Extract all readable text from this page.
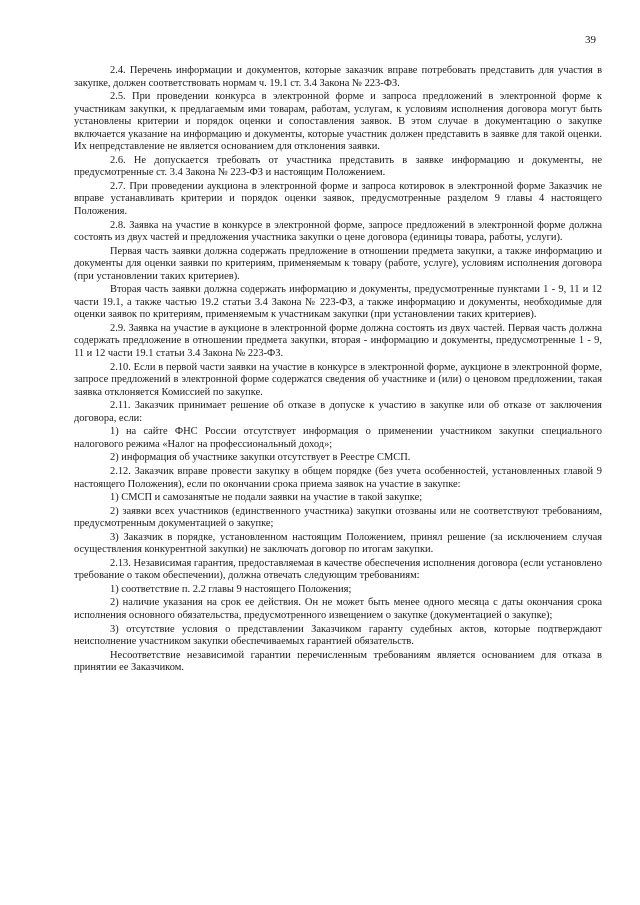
39

2.4. Перечень информации и документов, которые заказчик вправе потребовать представить для участия в закупке, должен соответствовать нормам ч. 19.1 ст. 3.4 Закона № 223-ФЗ.

2.5. При проведении конкурса в электронной форме и запроса предложений в электронной форме к участникам закупки, к предлагаемым ими товарам, работам, услугам, к условиям исполнения договора могут быть установлены критерии и порядок оценки и сопоставления заявок. В этом случае в документацию о закупке включается указание на информацию и документы, которые участник должен представить в заявке для такой оценки. Их непредставление не является основанием для отклонения заявки.

2.6. Не допускается требовать от участника представить в заявке информацию и документы, не предусмотренные ст. 3.4 Закона № 223-ФЗ и настоящим Положением.

2.7. При проведении аукциона в электронной форме и запроса котировок в электронной форме Заказчик не вправе устанавливать критерии и порядок оценки заявок, предусмотренные разделом 9 главы 4 настоящего Положения.

2.8. Заявка на участие в конкурсе в электронной форме, запросе предложений в электронной форме должна состоять из двух частей и предложения участника закупки о цене договора (единицы товара, работы, услуги).

Первая часть заявки должна содержать предложение в отношении предмета закупки, а также информацию и документы для оценки заявки по критериям, применяемым к товару (работе, услуге), условиям исполнения договора (при установлении таких критериев).

Вторая часть заявки должна содержать информацию и документы, предусмотренные пунктами 1 - 9, 11 и 12 части 19.1, а также частью 19.2 статьи 3.4 Закона № 223-ФЗ, а также информацию и документы, необходимые для оценки заявок по критериям, применяемым к участникам закупки (при установлении таких критериев).

2.9. Заявка на участие в аукционе в электронной форме должна состоять из двух частей. Первая часть должна содержать предложение в отношении предмета закупки, вторая - информацию и документы, предусмотренные 1 - 9, 11 и 12 части 19.1 статьи 3.4 Закона № 223-ФЗ.

2.10. Если в первой части заявки на участие в конкурсе в электронной форме, аукционе в электронной форме, запросе предложений в электронной форме содержатся сведения об участнике и (или) о ценовом предложении, такая заявка отклоняется Комиссией по закупке.

2.11. Заказчик принимает решение об отказе в допуске к участию в закупке или об отказе от заключения договора, если:

1) на сайте ФНС России отсутствует информация о применении участником закупки специального налогового режима «Налог на профессиональный доход»;

2) информация об участнике закупки отсутствует в Реестре СМСП.

2.12. Заказчик вправе провести закупку в общем порядке (без учета особенностей, установленных главой 9 настоящего Положения), если по окончании срока приема заявок на участие в закупке:

1) СМСП и самозанятые не подали заявки на участие в такой закупке;

2) заявки всех участников (единственного участника) закупки отозваны или не соответствуют требованиям, предусмотренным документацией о закупке;

3) Заказчик в порядке, установленном настоящим Положением, принял решение (за исключением случая осуществления конкурентной закупки) не заключать договор по итогам закупки.

2.13. Независимая гарантия, предоставляемая в качестве обеспечения исполнения договора (если установлено требование о таком обеспечении), должна отвечать следующим требованиям:

1) соответствие п. 2.2 главы 9 настоящего Положения;

2) наличие указания на срок ее действия. Он не может быть менее одного месяца с даты окончания срока исполнения основного обязательства, предусмотренного извещением о закупке (документацией о закупке);

3) отсутствие условия о представлении Заказчиком гаранту судебных актов, которые подтверждают неисполнение участником закупки обеспечиваемых гарантией обязательств.

Несоответствие независимой гарантии перечисленным требованиям является основанием для отказа в принятии ее Заказчиком.
